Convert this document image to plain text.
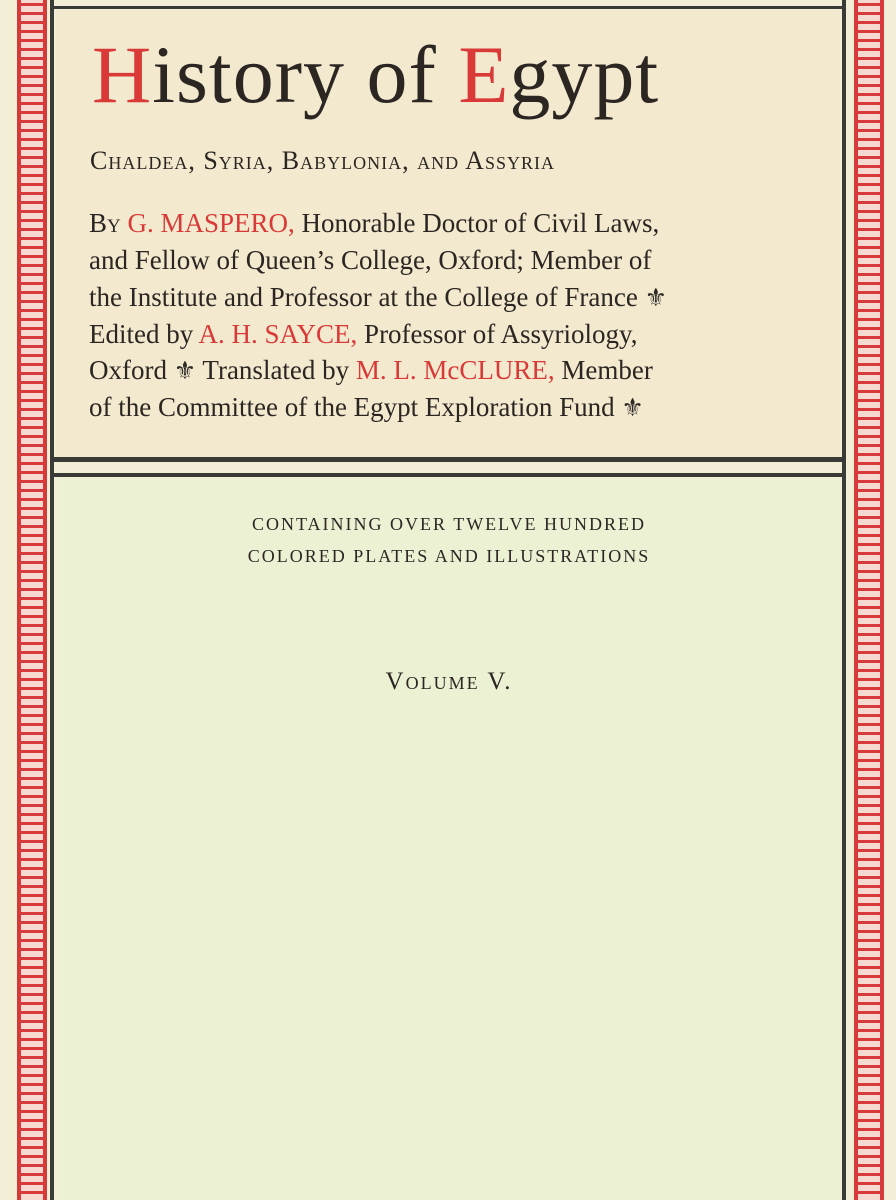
History of Egypt
Chaldea, Syria, Babylonia, and Assyria
By G. MASPERO, Honorable Doctor of Civil Laws,
and Fellow of Queen’s College, Oxford; Member of
the Institute and Professor at the College of France ⚜
Edited by A. H. SAYCE, Professor of Assyriology,
Oxford ⚜ Translated by M. L. McCLURE, Member
of the Committee of the Egypt Exploration Fund ⚜
CONTAINING OVER TWELVE HUNDRED
COLORED PLATES AND ILLUSTRATIONS
Volume V.
